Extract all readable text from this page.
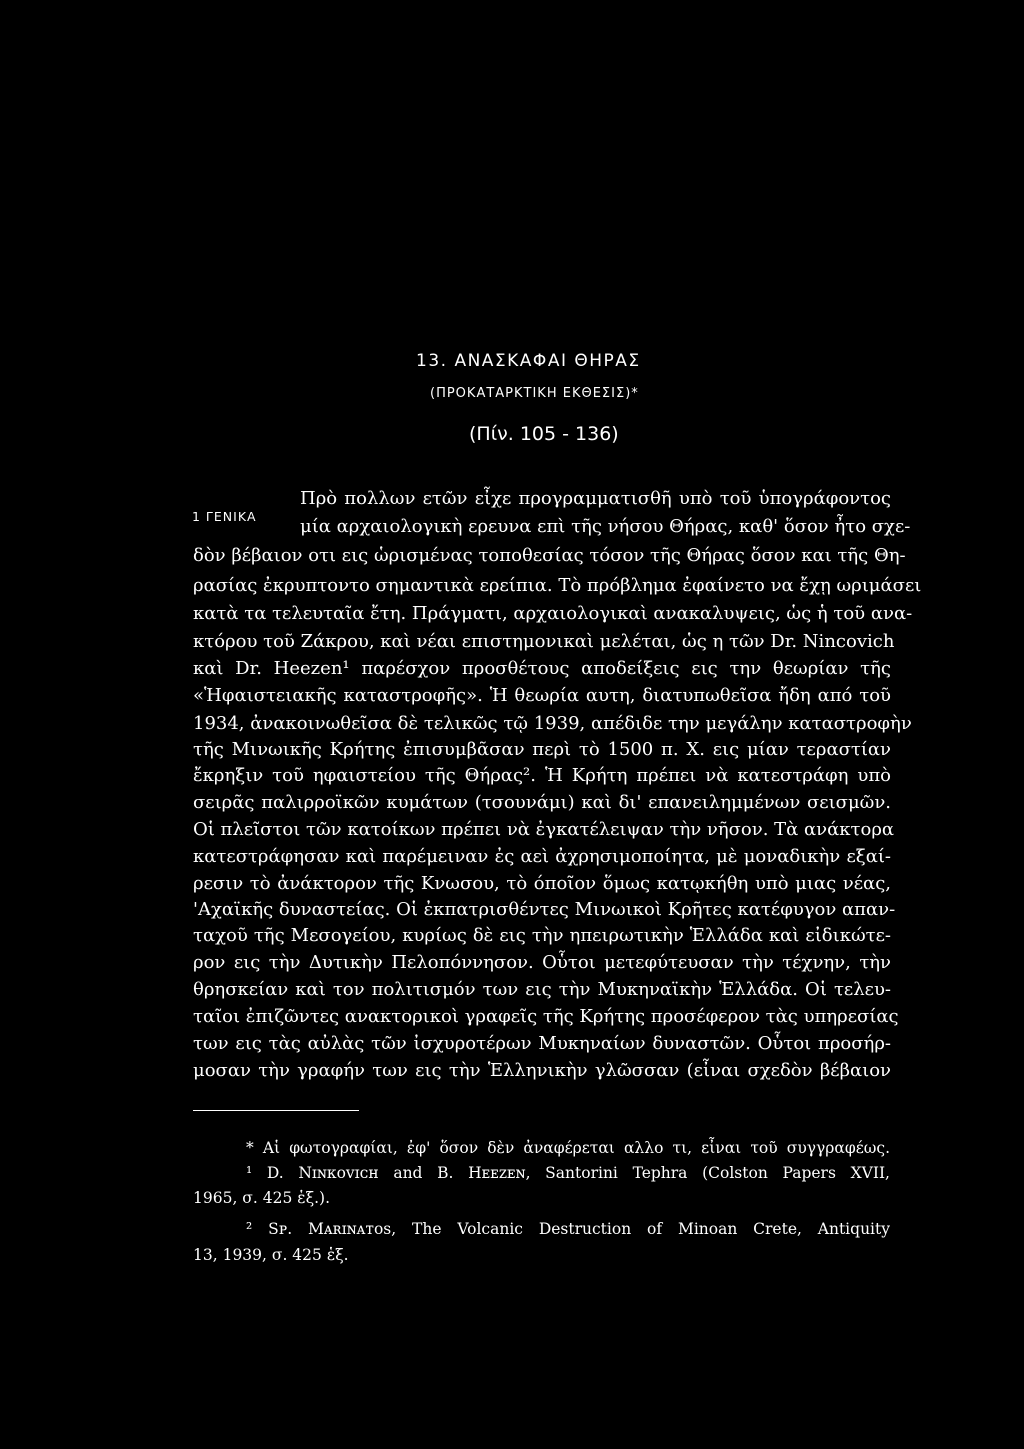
13. ΑΝΑΣΚΑΦΑΙ ΘΗΡΑΣ
(ΠΡΟΚΑΤΑΡΚΤΙΚΗ ΕΚΘΕΣΙΣ)*
(Πίν. 105 - 136)
1 ΓΕΝΙΚΑ
Πρὸ πολλων ετῶν εἶχε προγραμματισθῆ υπὸ τοῦ ὑπογράφοντος
μία αρχαιολογικὴ ερευνα επὶ τῆς νήσου Θήρας, καθ' ὅσον ἦτο σχε-
δὸν βέβαιον οτι εις ὡρισμένας τοποθεσίας τόσον τῆς Θήρας ὅσον και τῆς Θη-
ρασίας ἐκρυπτοντο σημαντικὰ ερείπια. Τὸ πρόβλημα ἐφαίνετο να ἔχῃ ωριμάσει
κατὰ τα τελευταῖα ἔτη. Πράγματι, αρχαιολογικαὶ ανακαλυψεις, ὡς ἡ τοῦ ανα-
κτόρου τοῦ Ζάκρου, καὶ νέαι επιστημονικαὶ μελέται, ὡς η τῶν Dr. Nincovich
καὶ Dr. Heezen¹ παρέσχον προσθέτους αποδείξεις εις την θεωρίαν τῆς
«Ἡφαιστειακῆς καταστροφῆς». Ἡ θεωρία αυτη, διατυπωθεῖσα ἤδη από τοῦ
1934, ἀνακοινωθεῖσα δὲ τελικῶς τῷ 1939, απέδιδε την μεγάλην καταστροφὴν
τῆς Μινωικῆς Κρήτης ἐπισυμβᾶσαν περὶ τὸ 1500 π. Χ. εις μίαν τεραστίαν
ἔκρηξιν τοῦ ηφαιστείου τῆς Θήρας². Ἡ Κρήτη πρέπει νὰ κατεστράφη υπὸ
σειρᾶς παλιρροϊκῶν κυμάτων (τσουνάμι) καὶ δι' επανειλημμένων σεισμῶν.
Οἱ πλεῖστοι τῶν κατοίκων πρέπει νὰ ἐγκατέλειψαν τὴν νῆσον. Τὰ ανάκτορα
κατεστράφησαν καὶ παρέμειναν ἐς αεὶ ἀχρησιμοποίητα, μὲ μοναδικὴν εξαί-
ρεσιν τὸ ἀνάκτορον τῆς Κνωσου, τὸ όποῖον ὅμως κατῳκήθη υπὸ μιας νέας,
'Αχαϊκῆς δυναστείας. Οἱ ἐκπατρισθέντες Μινωικοὶ Κρῆτες κατέφυγον απαν-
ταχοῦ τῆς Μεσογείου, κυρίως δὲ εις τὴν ηπειρωτικὴν Ἑλλάδα καὶ εἰδικώτε-
ρον εις τὴν Δυτικὴν Πελοπόννησον. Οὗτοι μετεφύτευσαν τὴν τέχνην, τὴν
θρησκείαν καὶ τον πολιτισμόν των εις τὴν Μυκηναϊκὴν Ἑλλάδα. Οἱ τελευ-
ταῖοι ἐπιζῶντες ανακτορικοὶ γραφεῖς τῆς Κρήτης προσέφερον τὰς υπηρεσίας
των εις τὰς αὐλὰς τῶν ἰσχυροτέρων Μυκηναίων δυναστῶν. Οὗτοι προσήρ-
μοσαν τὴν γραφήν των εις τὴν Ἑλληνικὴν γλῶσσαν (εἶναι σχεδὸν βέβαιον
* Αἱ φωτογραφίαι, ἐφ' ὅσον δὲν ἀναφέρεται αλλο τι, εἶναι τοῦ συγγραφέως.
¹ D. Nɪɴᴋᴏᴠɪᴄʜ and B. Hᴇᴇᴢᴇɴ, Santorini Tephra (Colston Papers XVII,
1965, σ. 425 ἑξ.).
² Sᴘ. Mᴀʀɪɴᴀᴛᴏs, The Volcanic Destruction of Minoan Crete, Antiquity
13, 1939, σ. 425 ἑξ.
